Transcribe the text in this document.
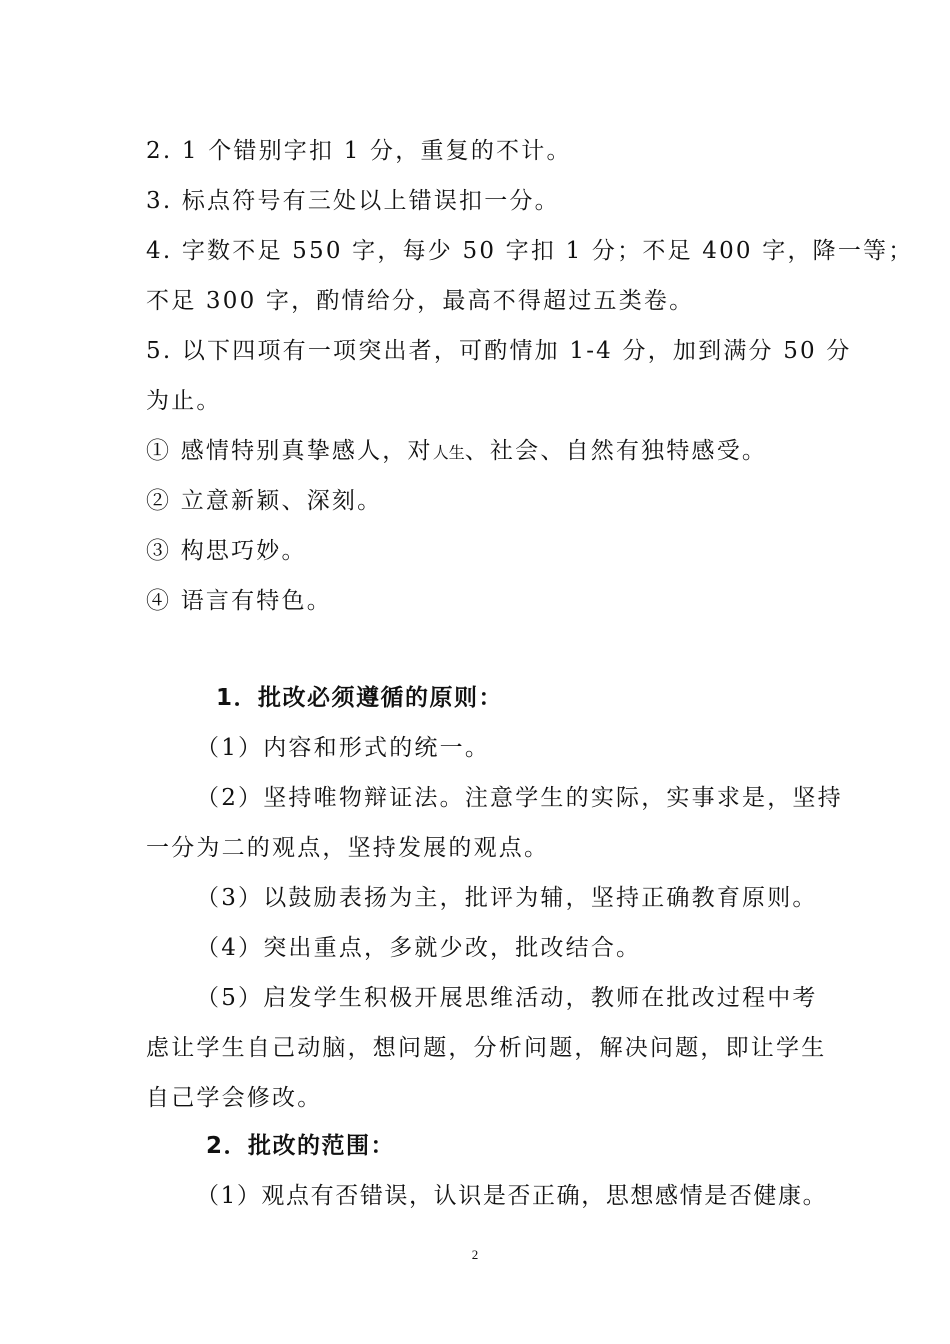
2. 1 个错别字扣 1 分，重复的不计。
3. 标点符号有三处以上错误扣一分。
4. 字数不足 550 字，每少 50 字扣 1 分；不足 400 字，降一等；
不足 300 字，酌情给分，最高不得超过五类卷。
5. 以下四项有一项突出者，可酌情加 1-4 分，加到满分 50 分
为止。
① 感情特别真挚感人，对人生、社会、自然有独特感受。
② 立意新颖、深刻。
③ 构思巧妙。
④ 语言有特色。
1．批改必须遵循的原则：
（1）内容和形式的统一。
（2）坚持唯物辩证法。注意学生的实际，实事求是，坚持
一分为二的观点，坚持发展的观点。
（3）以鼓励表扬为主，批评为辅，坚持正确教育原则。
（4）突出重点，多就少改，批改结合。
（5）启发学生积极开展思维活动，教师在批改过程中考
虑让学生自己动脑，想问题，分析问题，解决问题，即让学生
自己学会修改。
2．批改的范围：
（1）观点有否错误，认识是否正确，思想感情是否健康。
2
